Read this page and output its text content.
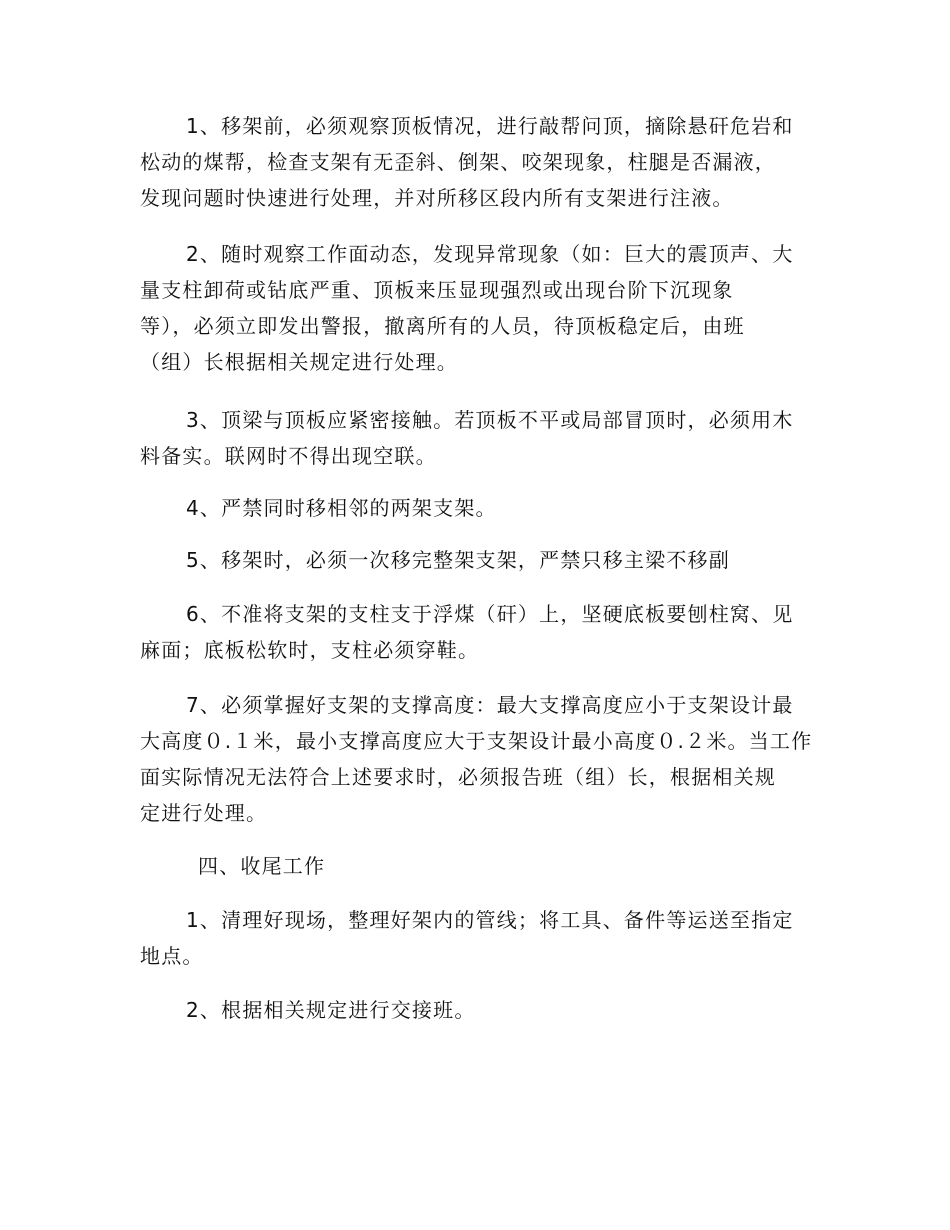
1、移架前，必须观察顶板情况，进行敲帮问顶，摘除悬矸危岩和
松动的煤帮，检查支架有无歪斜、倒架、咬架现象，柱腿是否漏液，
发现问题时快速进行处理，并对所移区段内所有支架进行注液。
2、随时观察工作面动态，发现异常现象（如：巨大的震顶声、大
量支柱卸荷或钻底严重、顶板来压显现强烈或出现台阶下沉现象
等），必须立即发出警报，撤离所有的人员，待顶板稳定后，由班
（组）长根据相关规定进行处理。
3、顶梁与顶板应紧密接触。若顶板不平或局部冒顶时，必须用木
料备实。联网时不得出现空联。
4、严禁同时移相邻的两架支架。
5、移架时，必须一次移完整架支架，严禁只移主梁不移副
6、不准将支架的支柱支于浮煤（矸）上，坚硬底板要刨柱窝、见
麻面；底板松软时，支柱必须穿鞋。
7、必须掌握好支架的支撑高度：最大支撑高度应小于支架设计最
大高度０.１米，最小支撑高度应大于支架设计最小高度０.２米。当工作
面实际情况无法符合上述要求时，必须报告班（组）长，根据相关规
定进行处理。
四、收尾工作
1、清理好现场，整理好架内的管线；将工具、备件等运送至指定
地点。
2、根据相关规定进行交接班。
